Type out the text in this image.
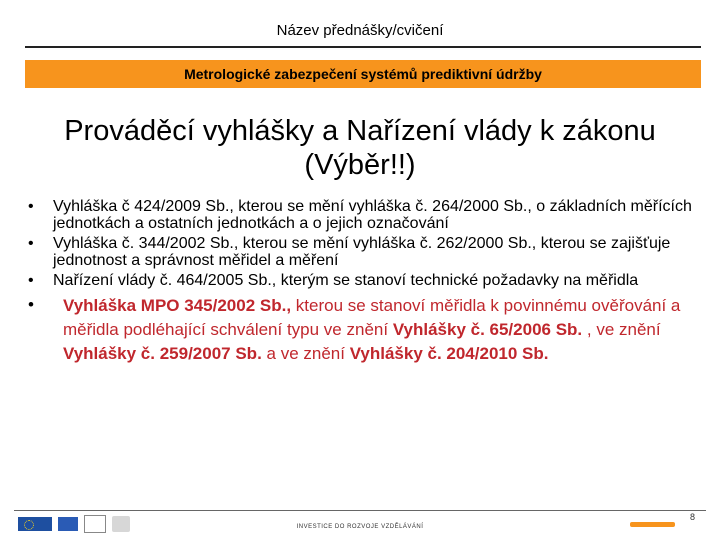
Název přednášky/cvičení
Metrologické zabezpečení systémů prediktivní údržby
Prováděcí vyhlášky a Nařízení vlády k zákonu (Výběr!!)
•	Vyhláška č 424/2009 Sb., kterou se mění vyhláška č. 264/2000 Sb., o základních měřících jednotkách a ostatních jednotkách a o jejich označování
•	Vyhláška č. 344/2002 Sb., kterou se mění vyhláška č. 262/2000 Sb., kterou se zajišťuje jednotnost a správnost měřidel a měření
•	Nařízení vlády č. 464/2005 Sb., kterým se stanoví technické požadavky na měřidla
•	Vyhláška MPO 345/2002 Sb., kterou se stanoví měřidla k povinnému ověřování a měřidla podléhající schválení typu ve znění Vyhlášky č. 65/2006 Sb. , ve znění Vyhlášky č. 259/2007 Sb. a ve znění Vyhlášky č. 204/2010 Sb.
INVESTICE DO ROZVOJE VZDĚLÁVÁNÍ
8
